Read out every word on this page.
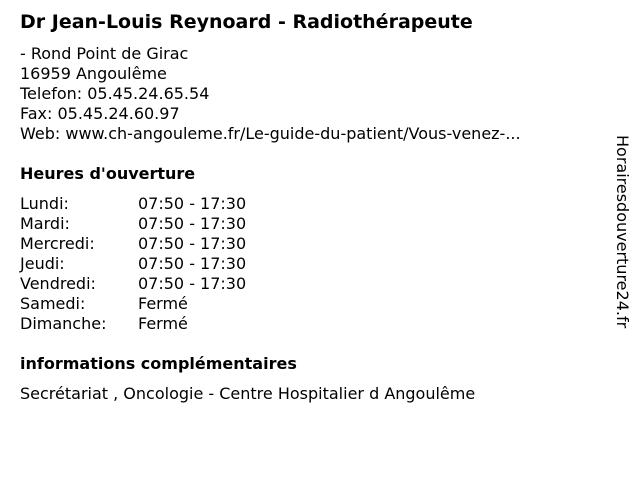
Dr Jean-Louis Reynoard - Radiothérapeute
- Rond Point de Girac
16959 Angoulême
Telefon: 05.45.24.65.54
Fax: 05.45.24.60.97
Web: www.ch-angouleme.fr/Le-guide-du-patient/Vous-venez-...
Heures d'ouverture
Lundi:	07:50 - 17:30
Mardi:	07:50 - 17:30
Mercredi:	07:50 - 17:30
Jeudi:	07:50 - 17:30
Vendredi:	07:50 - 17:30
Samedi:	Fermé
Dimanche:	Fermé
informations complémentaires
Secrétariat , Oncologie - Centre Hospitalier d Angoulême
Horairesdouverture24.fr
